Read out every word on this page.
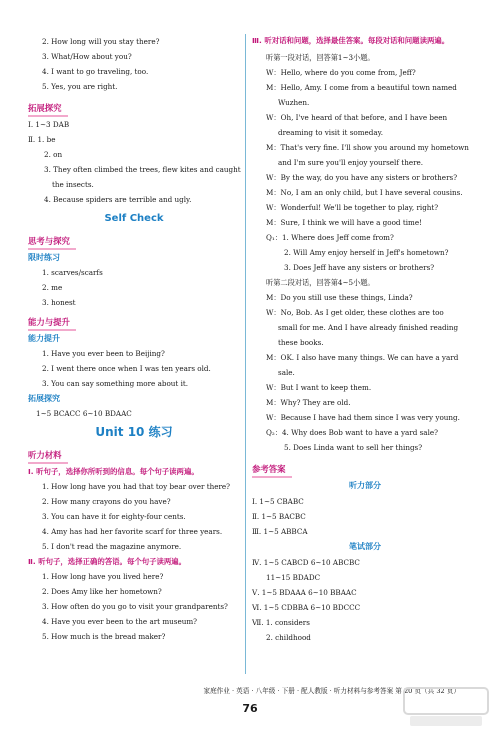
2. How long will you stay there?
3. What/How about you?
4. I want to go traveling, too.
5. Yes, you are right.
拓展探究
Ⅰ. 1~3 DAB
Ⅱ. 1. be
2. on
3. They often climbed the trees, flew kites and caught
the insects.
4. Because spiders are terrible and ugly.
Self Check
思考与探究
限时练习
1. scarves/scarfs
2. me
3. honest
能力与提升
能力提升
1. Have you ever been to Beijing?
2. I went there once when I was ten years old.
3. You can say something more about it.
拓展探究
1~5 BCACC 6~10 BDAAC
Unit 10 练习
听力材料
Ⅰ. 听句子，选择你所听到的信息。每个句子读两遍。
1. How long have you had that toy bear over there?
2. How many crayons do you have?
3. You can have it for eighty-four cents.
4. Amy has had her favorite scarf for three years.
5. I don't read the magazine anymore.
Ⅱ. 听句子，选择正确的答语。每个句子读两遍。
1. How long have you lived here?
2. Does Amy like her hometown?
3. How often do you go to visit your grandparents?
4. Have you ever been to the art museum?
5. How much is the bread maker?
Ⅲ. 听对话和问题，选择最佳答案。每段对话和问题读两遍。
听第一段对话，回答第1~3小题。
W：Hello, where do you come from, Jeff?
M：Hello, Amy. I come from a beautiful town named
Wuzhen.
W：Oh, I've heard of that before, and I have been
dreaming to visit it someday.
M：That's very fine. I'll show you around my hometown
and I'm sure you'll enjoy yourself there.
W：By the way, do you have any sisters or brothers?
M：No, I am an only child, but I have several cousins.
W：Wonderful! We'll be together to play, right?
M：Sure, I think we will have a good time!
Q₁：1. Where does Jeff come from?
2. Will Amy enjoy herself in Jeff's hometown?
3. Does Jeff have any sisters or brothers?
听第二段对话，回答第4~5小题。
M：Do you still use these things, Linda?
W：No, Bob. As I get older, these clothes are too
small for me. And I have already finished reading
these books.
M：OK. I also have many things. We can have a yard
sale.
W：But I want to keep them.
M：Why? They are old.
W：Because I have had them since I was very young.
Q₂：4. Why does Bob want to have a yard sale?
5. Does Linda want to sell her things?
参考答案
听力部分
Ⅰ. 1~5 CBABC
Ⅱ. 1~5 BACBC
Ⅲ. 1~5 ABBCA
笔试部分
Ⅳ. 1~5 CABCD 6~10 ABCBC
11~15 BDADC
Ⅴ. 1~5 BDAAA 6~10 BBAAC
Ⅵ. 1~5 CDBBA 6~10 BDCCC
Ⅶ. 1. considers
2. childhood
家庭作业 · 英语 · 八年级 · 下册 · 配人教版 · 听力材料与参考答案 第 20 页（共 32 页）
76
